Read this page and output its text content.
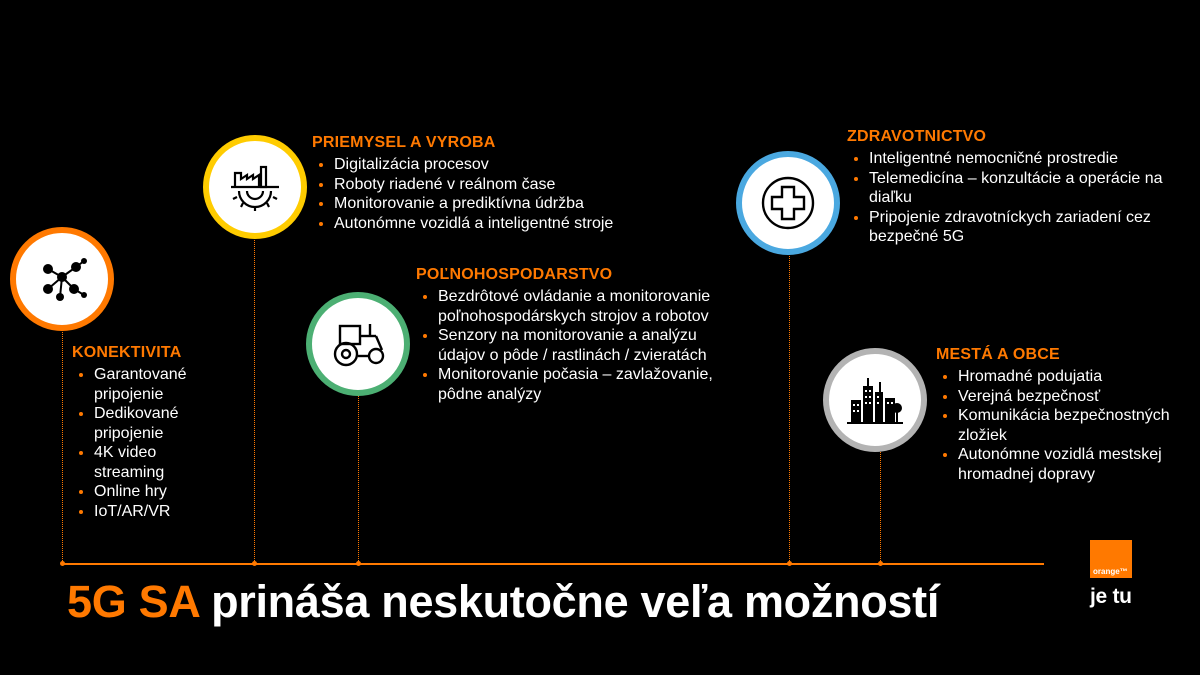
KONEKTIVITA
Garantované pripojenie
Dedikované pripojenie
4K video streaming
Online hry
IoT/AR/VR
PRIEMYSEL A VYROBA
Digitalizácia procesov
Roboty riadené v reálnom čase
Monitorovanie a prediktívna údržba
Autonómne vozidlá a inteligentné stroje
POĽNOHOSPODARSTVO
Bezdrôtové ovládanie a monitorovanie poľnohospodárskych strojov a robotov
Senzory na monitorovanie a analýzu údajov o pôde / rastlinách / zvieratách
Monitorovanie počasia – zavlažovanie, pôdne analýzy
ZDRAVOTNICTVO
Inteligentné nemocničné prostredie
Telemedicína – konzultácie a operácie na diaľku
Pripojenie zdravotníckych zariadení cez bezpečné 5G
MESTÁ A OBCE
Hromadné podujatia
Verejná bezpečnosť
Komunikácia bezpečnostných zložiek
Autonómne vozidlá mestskej hromadnej dopravy
5G SA prináša neskutočne veľa možností
orange™
je tu
